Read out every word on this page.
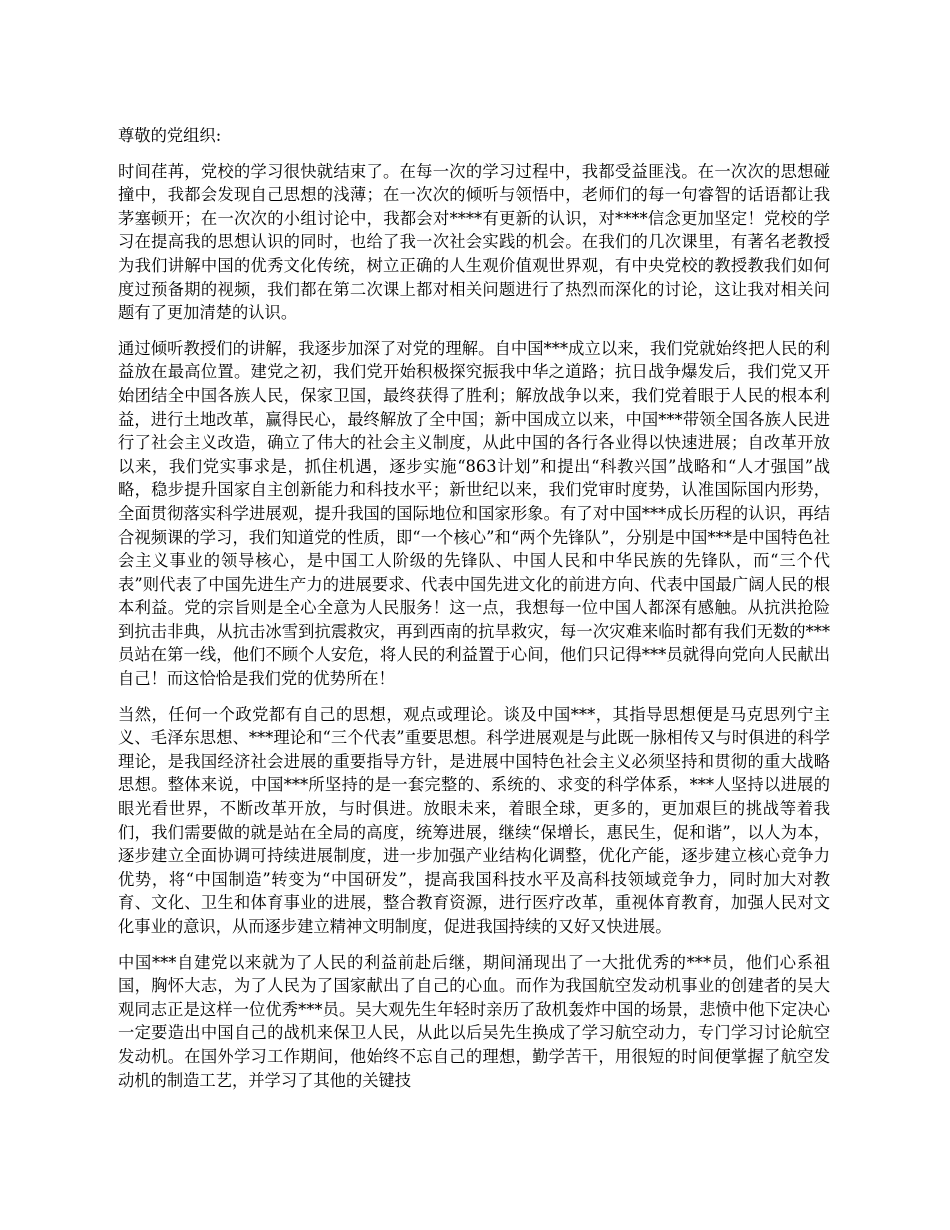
尊敬的党组织:

时间荏苒，党校的学习很快就结束了。在每一次的学习过程中，我都受益匪浅。在一次次的思想碰撞中，我都会发现自己思想的浅薄；在一次次的倾听与领悟中，老师们的每一句睿智的话语都让我茅塞顿开；在一次次的小组讨论中，我都会对****有更新的认识，对****信念更加坚定！党校的学习在提高我的思想认识的同时，也给了我一次社会实践的机会。在我们的几次课里，有著名老教授为我们讲解中国的优秀文化传统，树立正确的人生观价值观世界观，有中央党校的教授教我们如何度过预备期的视频，我们都在第二次课上都对相关问题进行了热烈而深化的讨论，这让我对相关问题有了更加清楚的认识。

通过倾听教授们的讲解，我逐步加深了对党的理解。自中国***成立以来，我们党就始终把人民的利益放在最高位置。建党之初，我们党开始积极探究振我中华之道路；抗日战争爆发后，我们党又开始团结全中国各族人民，保家卫国，最终获得了胜利；解放战争以来，我们党着眼于人民的根本利益，进行土地改革，赢得民心，最终解放了全中国；新中国成立以来，中国***带领全国各族人民进行了社会主义改造，确立了伟大的社会主义制度，从此中国的各行各业得以快速进展；自改革开放以来，我们党实事求是，抓住机遇，逐步实施“863计划”和提出“科教兴国”战略和“人才强国”战略，稳步提升国家自主创新能力和科技水平；新世纪以来，我们党审时度势，认准国际国内形势，全面贯彻落实科学进展观，提升我国的国际地位和国家形象。有了对中国***成长历程的认识，再结合视频课的学习，我们知道党的性质，即“一个核心”和“两个先锋队”，分别是中国***是中国特色社会主义事业的领导核心，是中国工人阶级的先锋队、中国人民和中华民族的先锋队，而“三个代表”则代表了中国先进生产力的进展要求、代表中国先进文化的前进方向、代表中国最广阔人民的根本利益。党的宗旨则是全心全意为人民服务！这一点，我想每一位中国人都深有感触。从抗洪抢险到抗击非典，从抗击冰雪到抗震救灾，再到西南的抗旱救灾，每一次灾难来临时都有我们无数的***员站在第一线，他们不顾个人安危，将人民的利益置于心间，他们只记得***员就得向党向人民献出自己！而这恰恰是我们党的优势所在！

当然，任何一个政党都有自己的思想，观点或理论。谈及中国***，其指导思想便是马克思列宁主义、毛泽东思想、***理论和“三个代表”重要思想。科学进展观是与此既一脉相传又与时俱进的科学理论，是我国经济社会进展的重要指导方针，是进展中国特色社会主义必须坚持和贯彻的重大战略思想。整体来说，中国***所坚持的是一套完整的、系统的、求变的科学体系，***人坚持以进展的眼光看世界，不断改革开放，与时俱进。放眼未来，着眼全球，更多的，更加艰巨的挑战等着我们，我们需要做的就是站在全局的高度，统筹进展，继续“保增长，惠民生，促和谐”，以人为本，逐步建立全面协调可持续进展制度，进一步加强产业结构化调整，优化产能，逐步建立核心竞争力优势，将“中国制造”转变为“中国研发”，提高我国科技水平及高科技领域竞争力，同时加大对教育、文化、卫生和体育事业的进展，整合教育资源，进行医疗改革，重视体育教育，加强人民对文化事业的意识，从而逐步建立精神文明制度，促进我国持续的又好又快进展。

中国***自建党以来就为了人民的利益前赴后继，期间涌现出了一大批优秀的***员，他们心系祖国，胸怀大志，为了人民为了国家献出了自己的心血。而作为我国航空发动机事业的创建者的吴大观同志正是这样一位优秀***员。吴大观先生年轻时亲历了敌机轰炸中国的场景，悲愤中他下定决心一定要造出中国自己的战机来保卫人民，从此以后吴先生换成了学习航空动力，专门学习讨论航空发动机。在国外学习工作期间，他始终不忘自己的理想，勤学苦干，用很短的时间便掌握了航空发动机的制造工艺，并学习了其他的关键技
